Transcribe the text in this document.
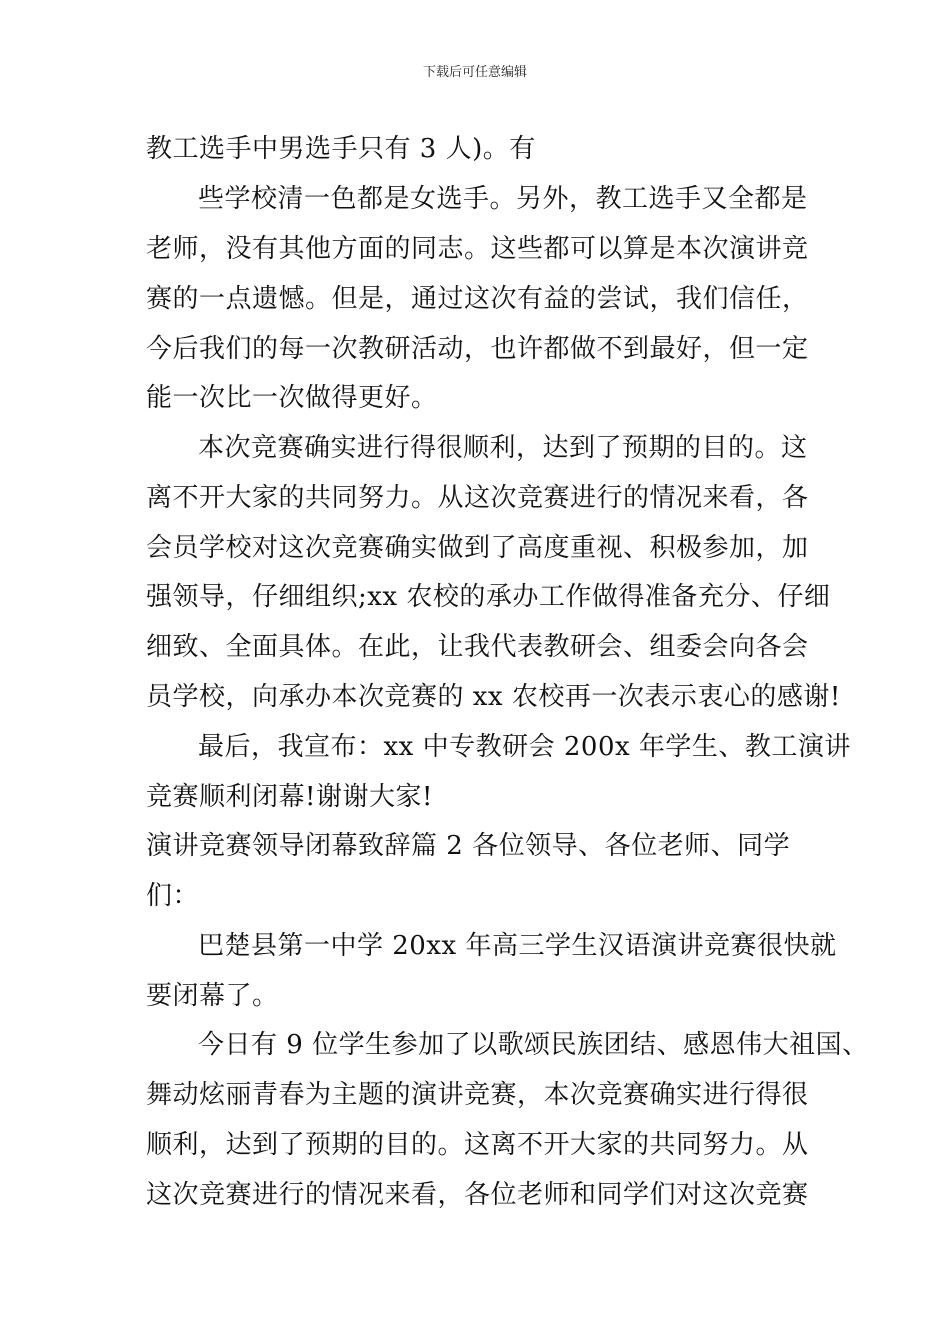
下载后可任意编辑
教工选手中男选手只有 3 人)。有
些学校清一色都是女选手。另外，教工选手又全都是
老师，没有其他方面的同志。这些都可以算是本次演讲竞
赛的一点遗憾。但是，通过这次有益的尝试，我们信任，
今后我们的每一次教研活动，也许都做不到最好，但一定
能一次比一次做得更好。
本次竞赛确实进行得很顺利，达到了预期的目的。这
离不开大家的共同努力。从这次竞赛进行的情况来看，各
会员学校对这次竞赛确实做到了高度重视、积极参加，加
强领导，仔细组织;xx 农校的承办工作做得准备充分、仔细
细致、全面具体。在此，让我代表教研会、组委会向各会
员学校，向承办本次竞赛的 xx 农校再一次表示衷心的感谢!
最后，我宣布：xx 中专教研会 200x 年学生、教工演讲
竞赛顺利闭幕!谢谢大家!
演讲竞赛领导闭幕致辞篇 2 各位领导、各位老师、同学
们：
巴楚县第一中学 20xx 年高三学生汉语演讲竞赛很快就
要闭幕了。
今日有 9 位学生参加了以歌颂民族团结、感恩伟大祖国、
舞动炫丽青春为主题的演讲竞赛，本次竞赛确实进行得很
顺利，达到了预期的目的。这离不开大家的共同努力。从
这次竞赛进行的情况来看，各位老师和同学们对这次竞赛
